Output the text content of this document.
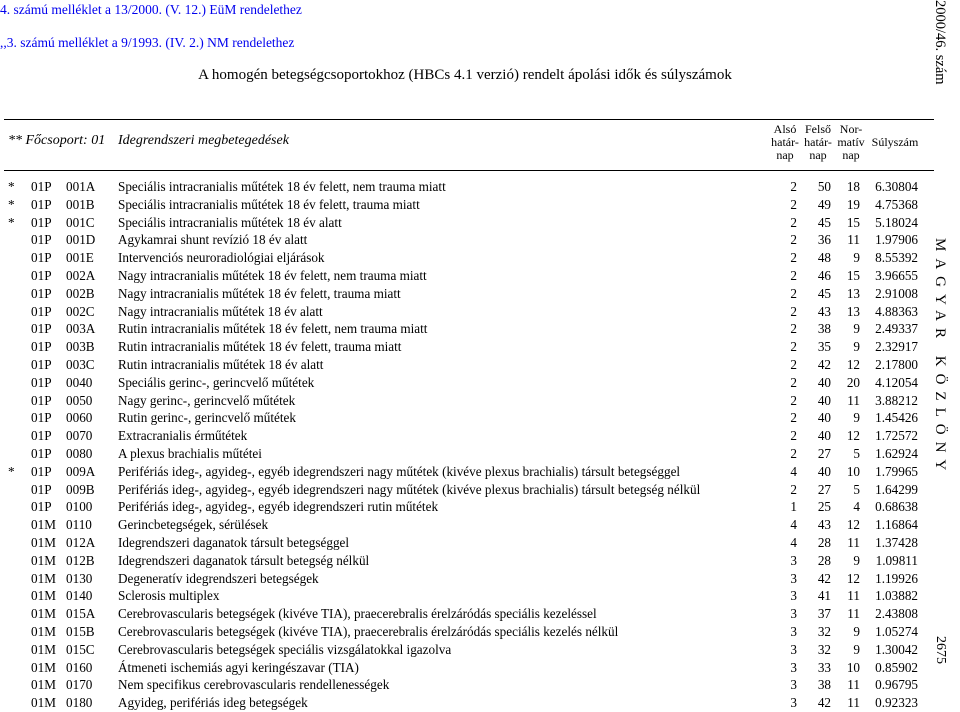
4. számú melléklet a 13/2000. (V. 12.) EüM rendelethez
,,3. számú melléklet a 9/1993. (IV. 2.) NM rendelethez
A homogén betegségcsoportokhoz (HBCs 4.1 verzió) rendelt ápolási idők és súlyszámok	2000/46. szám
MAGYAR KÖZLÖNY
2675
** Főcsoport: 01 Idegrendszeri megbetegedések
Alsó
határ-
nap
Felső
határ-
nap
Nor-
matív
nap
Súlyszám
* 01P 001A Speciális intracranialis műtétek 18 év felett, nem trauma miatt	2	50	18	6.30804
* 01P 001B Speciális intracranialis műtétek 18 év felett, trauma miatt	2	49	19	4.75368
* 01P 001C Speciális intracranialis műtétek 18 év alatt	2	45	15	5.18024
01P 001D Agykamrai shunt revízió 18 év alatt	2	36	11	1.97906
01P 001E Intervenciós neuroradiológiai eljárások	2	48	9	8.55392
01P 002A Nagy intracranialis műtétek 18 év felett, nem trauma miatt	2	46	15	3.96655
01P 002B Nagy intracranialis műtétek 18 év felett, trauma miatt	2	45	13	2.91008
01P 002C Nagy intracranialis műtétek 18 év alatt	2	43	13	4.88363
01P 003A Rutin intracranialis műtétek 18 év felett, nem trauma miatt	2	38	9	2.49337
01P 003B Rutin intracranialis műtétek 18 év felett, trauma miatt	2	35	9	2.32917
01P 003C Rutin intracranialis műtétek 18 év alatt	2	42	12	2.17800
01P 0040 Speciális gerinc-, gerincvelő műtétek	2	40	20	4.12054
01P 0050 Nagy gerinc-, gerincvelő műtétek	2	40	11	3.88212
01P 0060 Rutin gerinc-, gerincvelő műtétek	2	40	9	1.45426
01P 0070 Extracranialis érműtétek	2	40	12	1.72572
01P 0080 A plexus brachialis műtétei	2	27	5	1.62924
* 01P 009A Perifériás ideg-, agyideg-, egyéb idegrendszeri nagy műtétek (kivéve plexus brachialis) társult betegséggel	4	40	10	1.79965
01P 009B Perifériás ideg-, agyideg-, egyéb idegrendszeri nagy műtétek (kivéve plexus brachialis) társult betegség nélkül	2	27	5	1.64299
01P 0100 Perifériás ideg-, agyideg-, egyéb idegrendszeri rutin műtétek	1	25	4	0.68638
01M 0110 Gerincbetegségek, sérülések	4	43	12	1.16864
01M 012A Idegrendszeri daganatok társult betegséggel	4	28	11	1.37428
01M 012B Idegrendszeri daganatok társult betegség nélkül	3	28	9	1.09811
01M 0130 Degeneratív idegrendszeri betegségek	3	42	12	1.19926
01M 0140 Sclerosis multiplex	3	41	11	1.03882
01M 015A Cerebrovascularis betegségek (kivéve TIA), praecerebralis érelzáródás speciális kezeléssel	3	37	11	2.43808
01M 015B Cerebrovascularis betegségek (kivéve TIA), praecerebralis érelzáródás speciális kezelés nélkül	3	32	9	1.05274
01M 015C Cerebrovascularis betegségek speciális vizsgálatokkal igazolva	3	32	9	1.30042
01M 0160 Átmeneti ischemiás agyi keringészavar (TIA)	3	33	10	0.85902
01M 0170 Nem specifikus cerebrovascularis rendellenességek	3	38	11	0.96795
01M 0180 Agyideg, perifériás ideg betegségek	3	42	11	0.92323
